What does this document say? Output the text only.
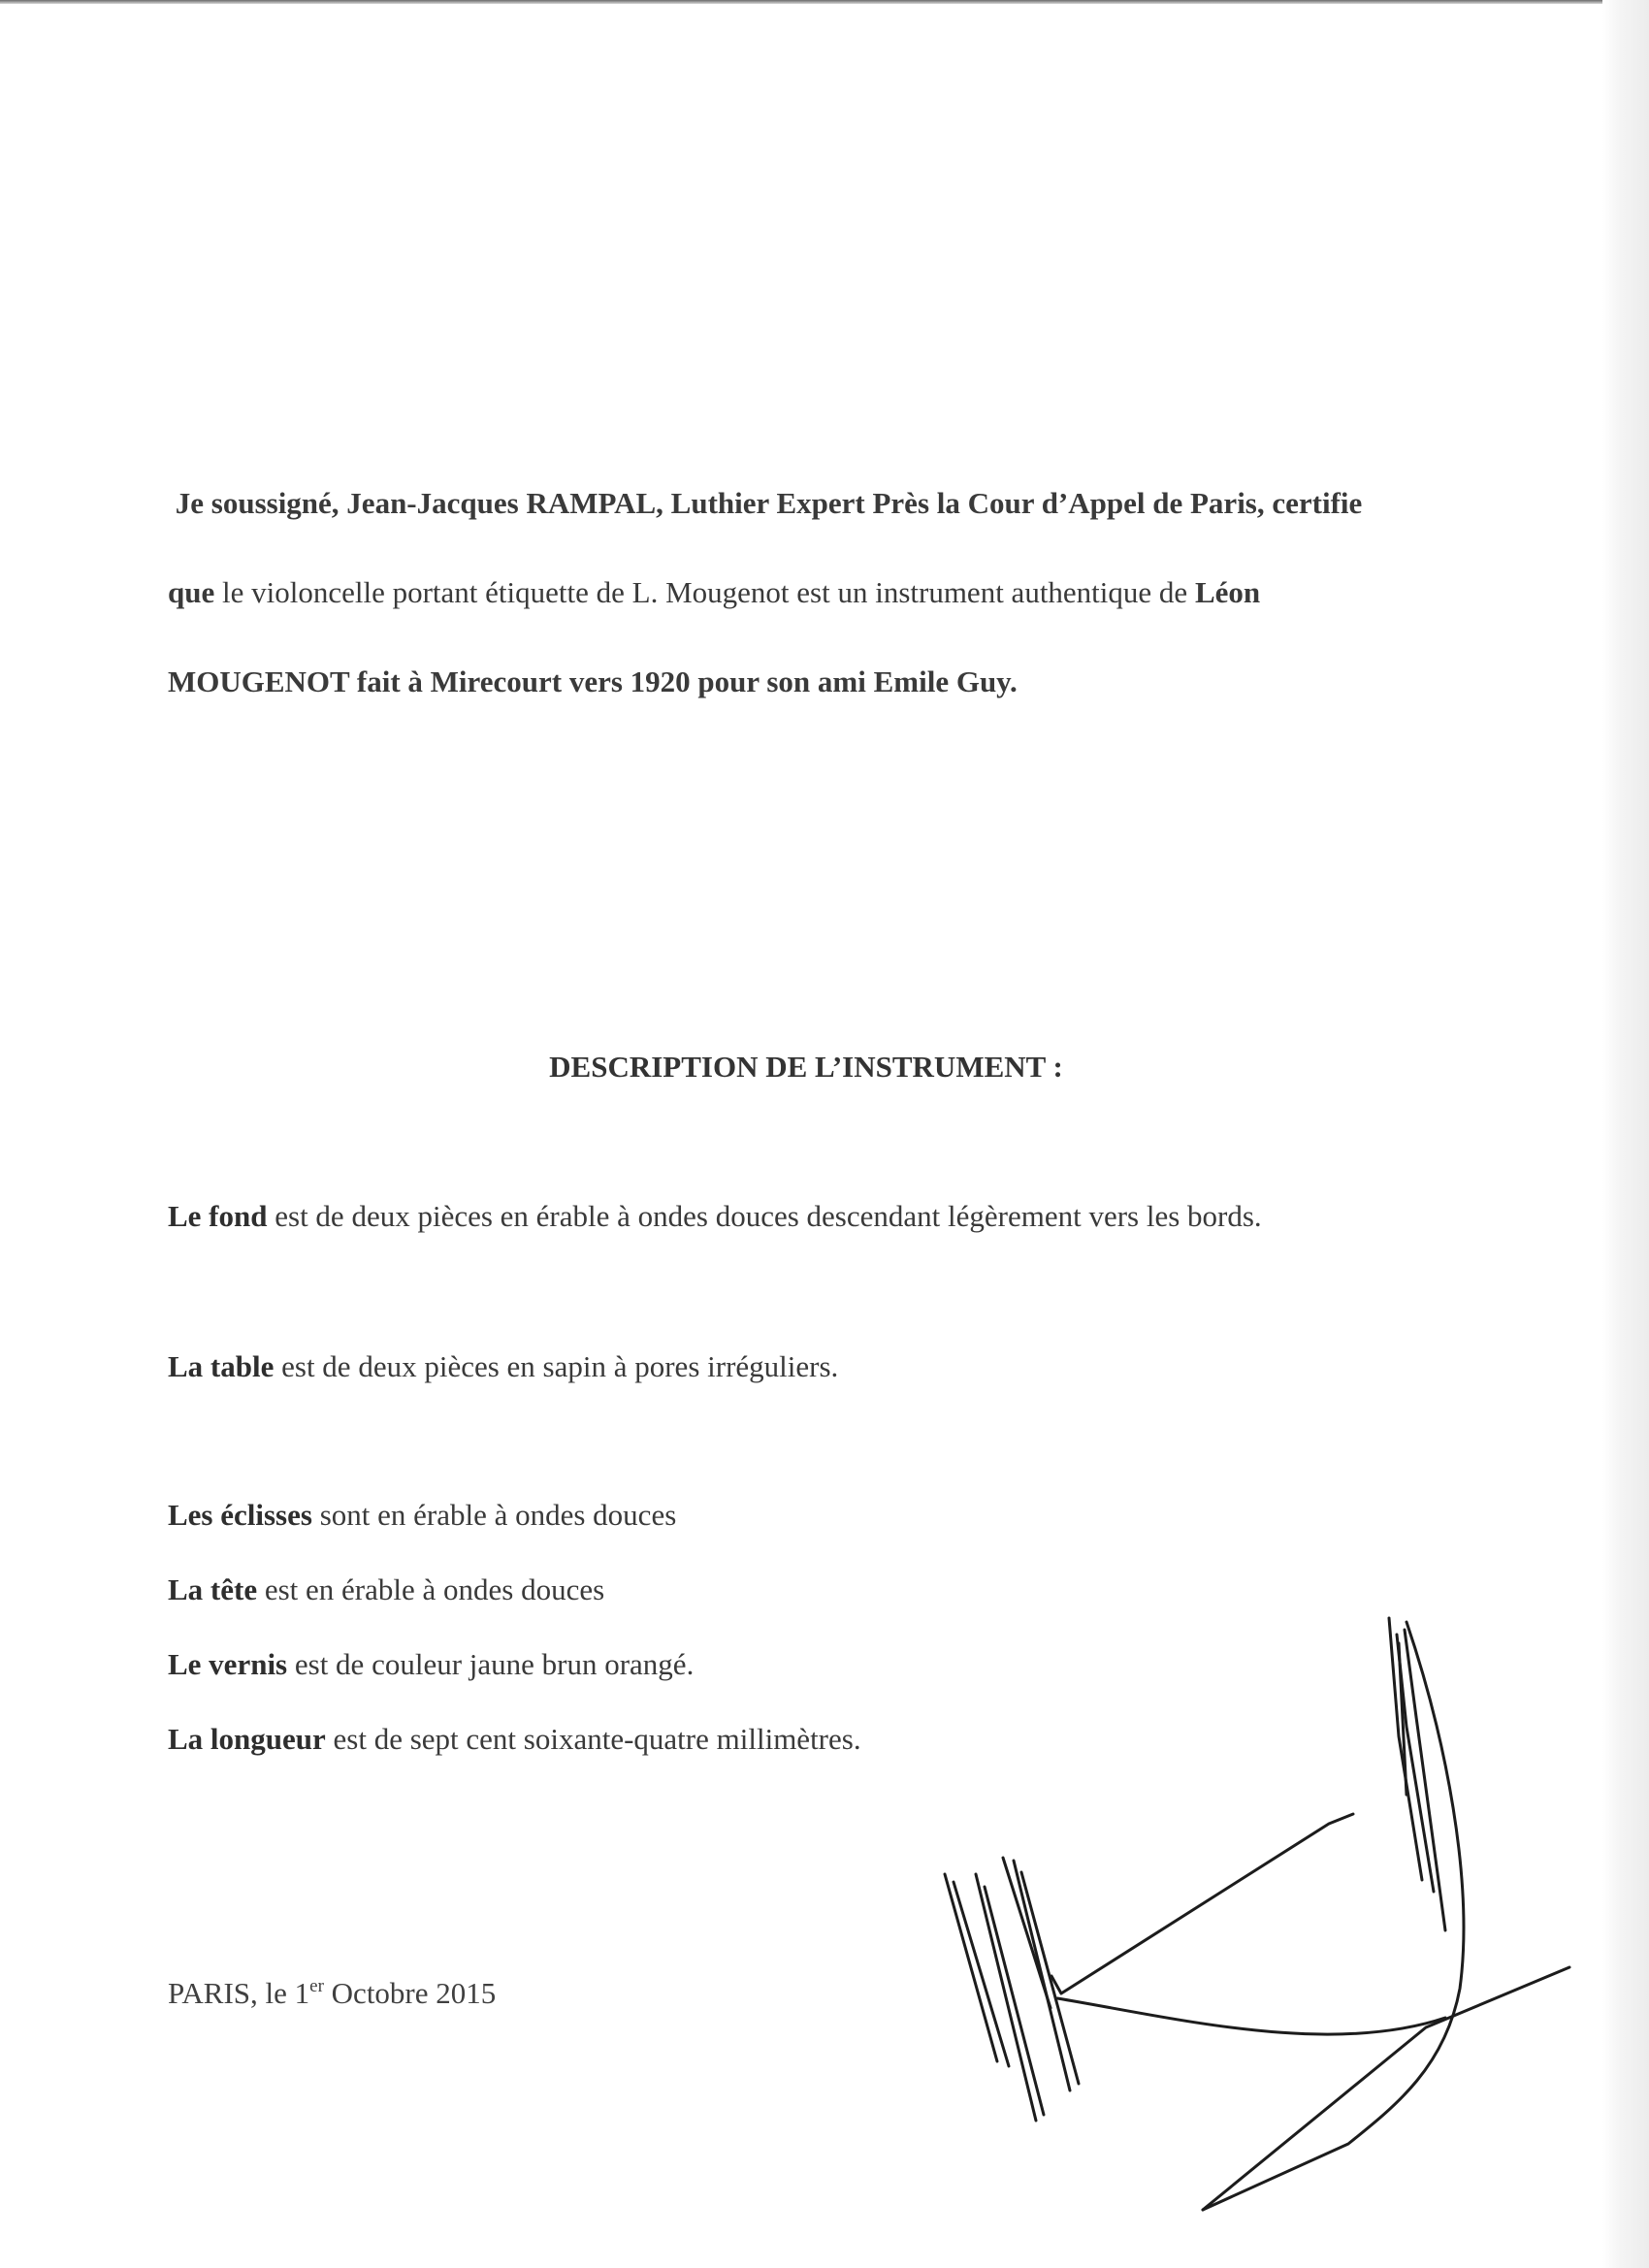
Je soussigné, Jean-Jacques RAMPAL, Luthier Expert Près la Cour d’Appel de Paris, certifie
que le violoncelle portant étiquette de L. Mougenot est un instrument authentique de Léon
MOUGENOT fait à Mirecourt vers 1920 pour son ami Emile Guy.
DESCRIPTION DE L’INSTRUMENT :
Le fond est de deux pièces en érable à ondes douces descendant légèrement vers les bords.
La table est de deux pièces en sapin à pores irréguliers.
Les éclisses sont en érable à ondes douces
La tête est en érable à ondes douces
Le vernis est de couleur jaune brun orangé.
La longueur est de sept cent soixante-quatre millimètres.
PARIS, le 1er Octobre 2015
